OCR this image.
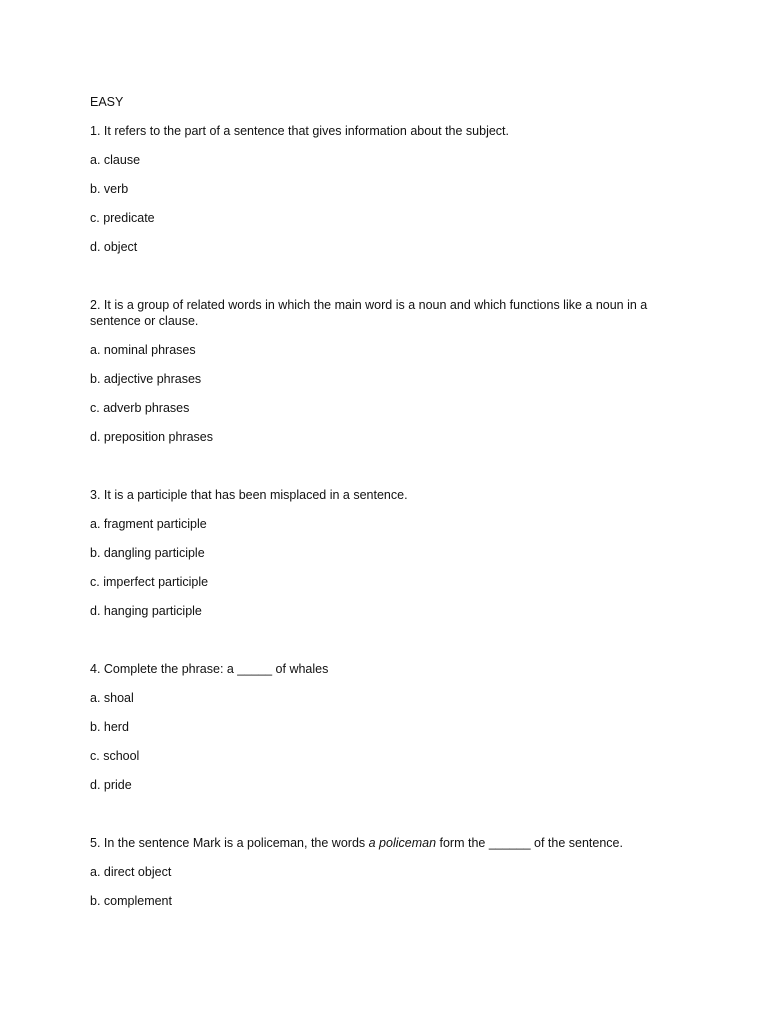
EASY

1. It refers to the part of a sentence that gives information about the subject.

a. clause

b. verb

c. predicate

d. object

2. It is a group of related words in which the main word is a noun and which functions like a noun in a sentence or clause.

a. nominal phrases

b. adjective phrases

c. adverb phrases

d. preposition phrases

3. It is a participle that has been misplaced in a sentence.

a. fragment participle

b. dangling participle

c. imperfect participle

d. hanging participle

4. Complete the phrase: a _____ of whales

a. shoal

b. herd

c. school

d. pride

5. In the sentence Mark is a policeman, the words a policeman form the ______ of the sentence.

a. direct object

b. complement
